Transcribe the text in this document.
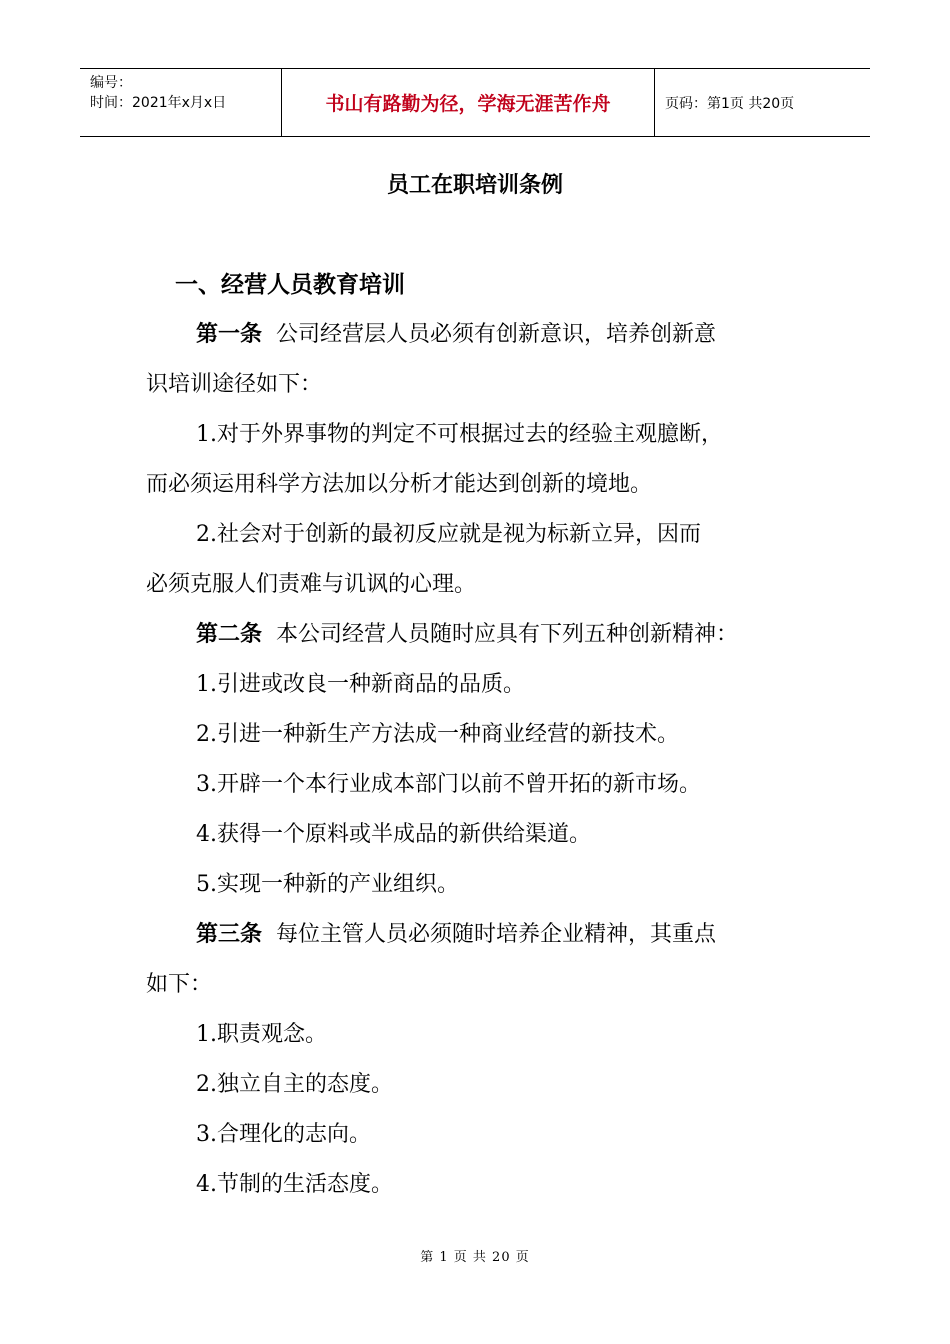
编号：
时间：2021年x月x日	书山有路勤为径，学海无涯苦作舟	页码：第1页 共20页
员工在职培训条例
一、经营人员教育培训
第一条 公司经营层人员必须有创新意识，培养创新意
识培训途径如下：
1.对于外界事物的判定不可根据过去的经验主观臆断，
而必须运用科学方法加以分析才能达到创新的境地。
2.社会对于创新的最初反应就是视为标新立异，因而
必须克服人们责难与讥讽的心理。
第二条 本公司经营人员随时应具有下列五种创新精神：
1.引进或改良一种新商品的品质。
2.引进一种新生产方法成一种商业经营的新技术。
3.开辟一个本行业成本部门以前不曾开拓的新市场。
4.获得一个原料或半成品的新供给渠道。
5.实现一种新的产业组织。
第三条 每位主管人员必须随时培养企业精神，其重点
如下：
1.职责观念。
2.独立自主的态度。
3.合理化的志向。
4.节制的生活态度。
第 1 页 共 20 页
